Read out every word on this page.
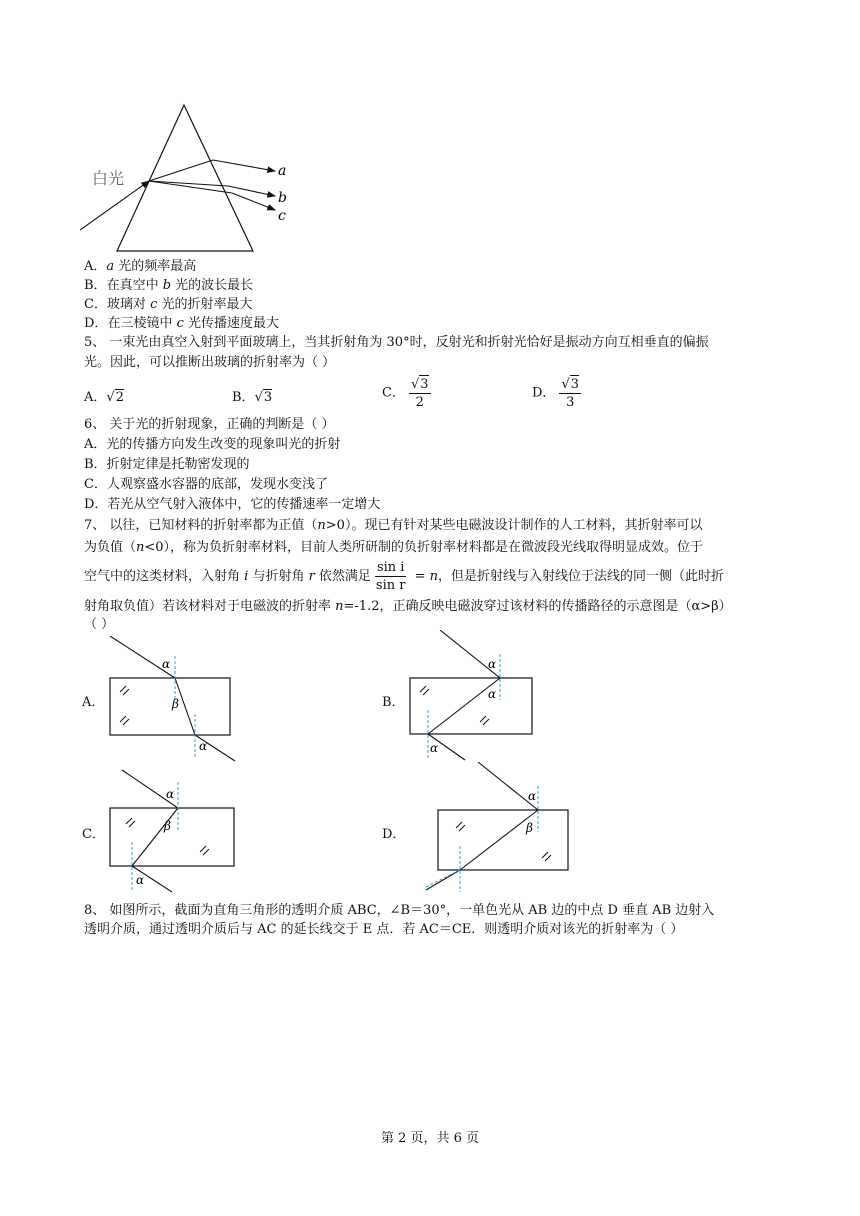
白光	a
b
c
A．a 光的频率最高
B．在真空中 b 光的波长最长
C．玻璃对 c 光的折射率最大
D．在三棱镜中 c 光传播速度最大
5、 一束光由真空入射到平面玻璃上，当其折射角为 30°时，反射光和折射光恰好是振动方向互相垂直的偏振
光。因此，可以推断出玻璃的折射率为（ ）
A．√2	B．√3	C． $\frac{√3}{2}$	D． $\frac{√3}{3}$
6、 关于光的折射现象，正确的判断是（ ）
A．光的传播方向发生改变的现象叫光的折射
B．折射定律是托勒密发现的
C．人观察盛水容器的底部，发现水变浅了
D．若光从空气射入液体中，它的传播速率一定增大
7、 以往，已知材料的折射率都为正值（n>0）。现已有针对某些电磁波设计制作的人工材料，其折射率可以
为负值（n<0），称为负折射率材料，目前人类所研制的负折射率材料都是在微波段光线取得明显成效。位于
空气中的这类材料，入射角 i 与折射角 r 依然满足 $\frac{\text{sin i}}{\text{sin r}} = n$，但是折射线与入射线位于法线的同一侧（此时折
射角取负值）若该材料对于电磁波的折射率 n=-1.2，正确反映电磁波穿过该材料的传播路径的示意图是（α>β）
（ ）
A．	B．
C．	D．
α
β
α
α
α
α
α
β
α
α
β
8、 如图所示，截面为直角三角形的透明介质 ABC，∠B＝30°，一单色光从 AB 边的中点 D 垂直 AB 边射入
透明介质，通过透明介质后与 AC 的延长线交于 E 点．若 AC＝CE．则透明介质对该光的折射率为（ ）
第 2 页，共 6 页
